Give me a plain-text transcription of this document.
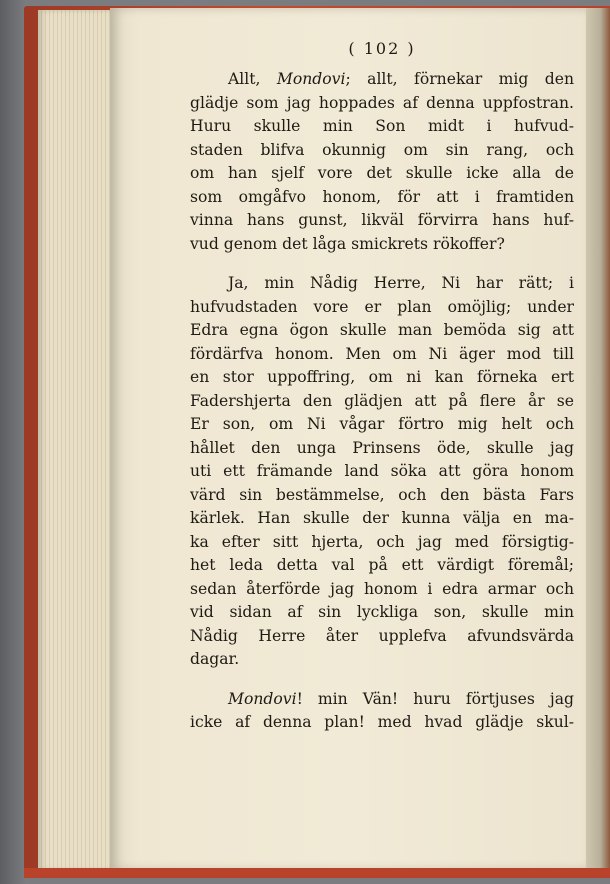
( 102 )
Allt, Mondovi; allt, förnekar mig den
glädje som jag hoppades af denna uppfostran.
Huru skulle min Son midt i hufvud-
staden blifva okunnig om sin rang, och
om han sjelf vore det skulle icke alla de
som omgåfvo honom, för att i framtiden
vinna hans gunst, likväl förvirra hans huf-
vud genom det låga smickrets rökoffer?
Ja, min Nådig Herre, Ni har rätt; i
hufvudstaden vore er plan omöjlig; under
Edra egna ögon skulle man bemöda sig att
fördärfva honom. Men om Ni äger mod till
en stor uppoffring, om ni kan förneka ert
Fadershjerta den glädjen att på flere år se
Er son, om Ni vågar förtro mig helt och
hållet den unga Prinsens öde, skulle jag
uti ett främande land söka att göra honom
värd sin bestämmelse, och den bästa Fars
kärlek. Han skulle der kunna välja en ma-
ka efter sitt hjerta, och jag med försigtig-
het leda detta val på ett värdigt föremål;
sedan återförde jag honom i edra armar och
vid sidan af sin lyckliga son, skulle min
Nådig Herre åter upplefva afvundsvärda
dagar.
Mondovi! min Vän! huru förtjuses jag
icke af denna plan! med hvad glädje skul-
